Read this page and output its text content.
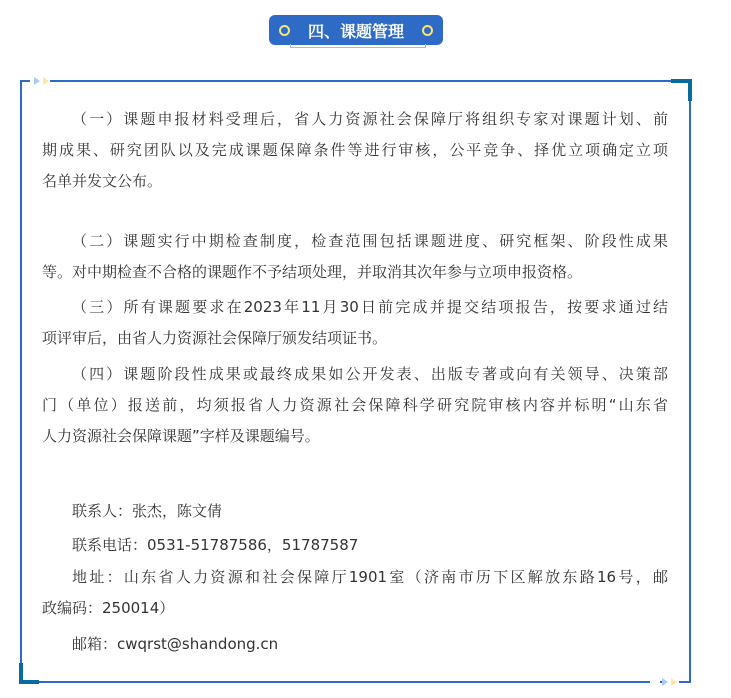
四、课题管理
（一）课题申报材料受理后，省人力资源社会保障厅将组织专家对课题计划、前
期成果、研究团队以及完成课题保障条件等进行审核，公平竞争、择优立项确定立项
名单并发文公布。
（二）课题实行中期检查制度，检查范围包括课题进度、研究框架、阶段性成果
等。对中期检查不合格的课题作不予结项处理，并取消其次年参与立项申报资格。
（三）所有课题要求在2023年11月30日前完成并提交结项报告，按要求通过结
项评审后，由省人力资源社会保障厅颁发结项证书。
（四）课题阶段性成果或最终成果如公开发表、出版专著或向有关领导、决策部
门（单位）报送前，均须报省人力资源社会保障科学研究院审核内容并标明“山东省
人力资源社会保障课题”字样及课题编号。
联系人：张杰，陈文倩
联系电话：0531-51787586，51787587
地址：山东省人力资源和社会保障厅1901室（济南市历下区解放东路16号，邮
政编码：250014）
邮箱：cwqrst@shandong.cn
